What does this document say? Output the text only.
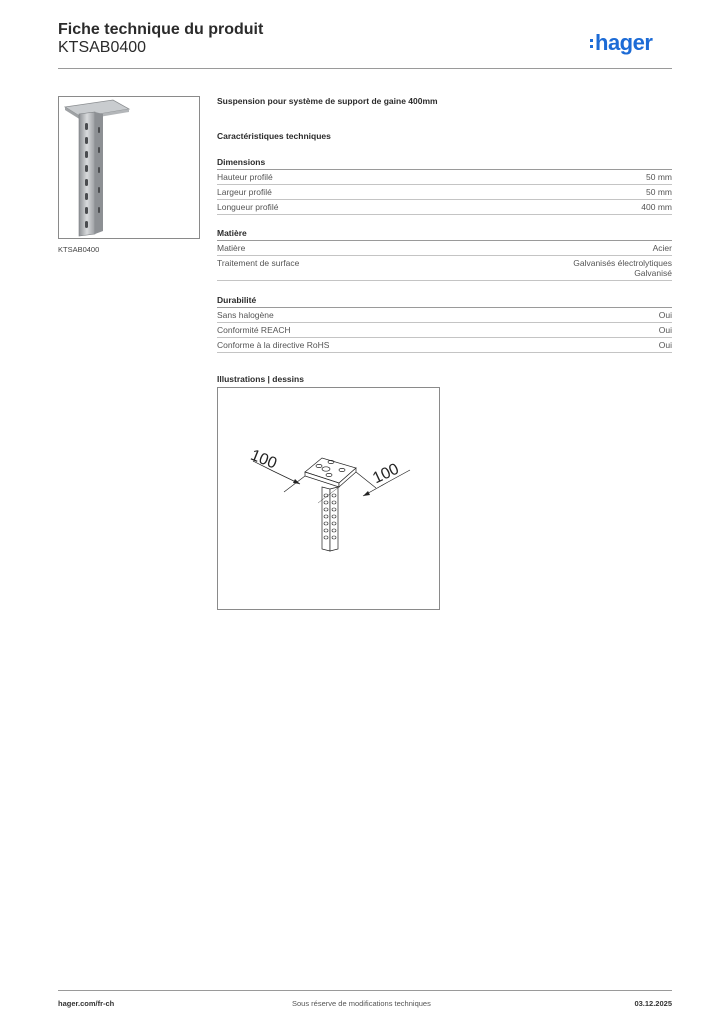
Fiche technique du produit
KTSAB0400	hager
KTSAB0400
Suspension pour système de support de gaine 400mm
Caractéristiques techniques
Dimensions
Hauteur profilé	50 mm
Largeur profilé	50 mm
Longueur profilé	400 mm
Matière
Matière	Acier
Traitement de surface	Galvanisés électrolytiques
Galvanisé
Durabilité
Sans halogène	Oui
Conformité REACH	Oui
Conforme à la directive RoHS	Oui
Illustrations | dessins
100
100
hager.com/fr-ch	Sous réserve de modifications techniques	03.12.2025
